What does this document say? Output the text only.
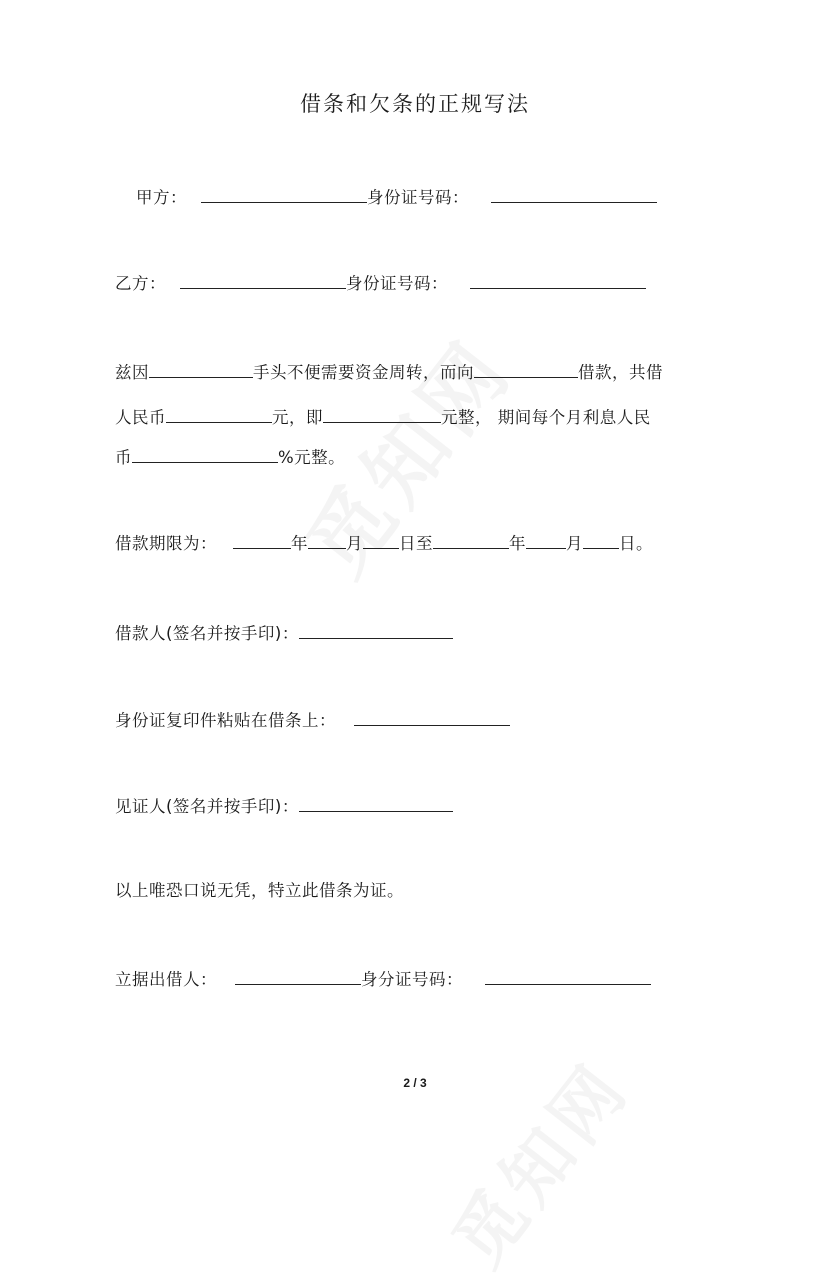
借条和欠条的正规写法
甲方：	身份证号码：
乙方：	身份证号码：
兹因	手头不便需要资金周转，而向	借款，共借
人民币	元，即	元整， 期间每个月利息人民
币	%元整。
借款期限为：	年 月 日至	年 月 日。
借款人(签名并按手印)：
身份证复印件粘贴在借条上：
见证人(签名并按手印)：
以上唯恐口说无凭，特立此借条为证。
立据出借人：	身分证号码：
2 / 3
